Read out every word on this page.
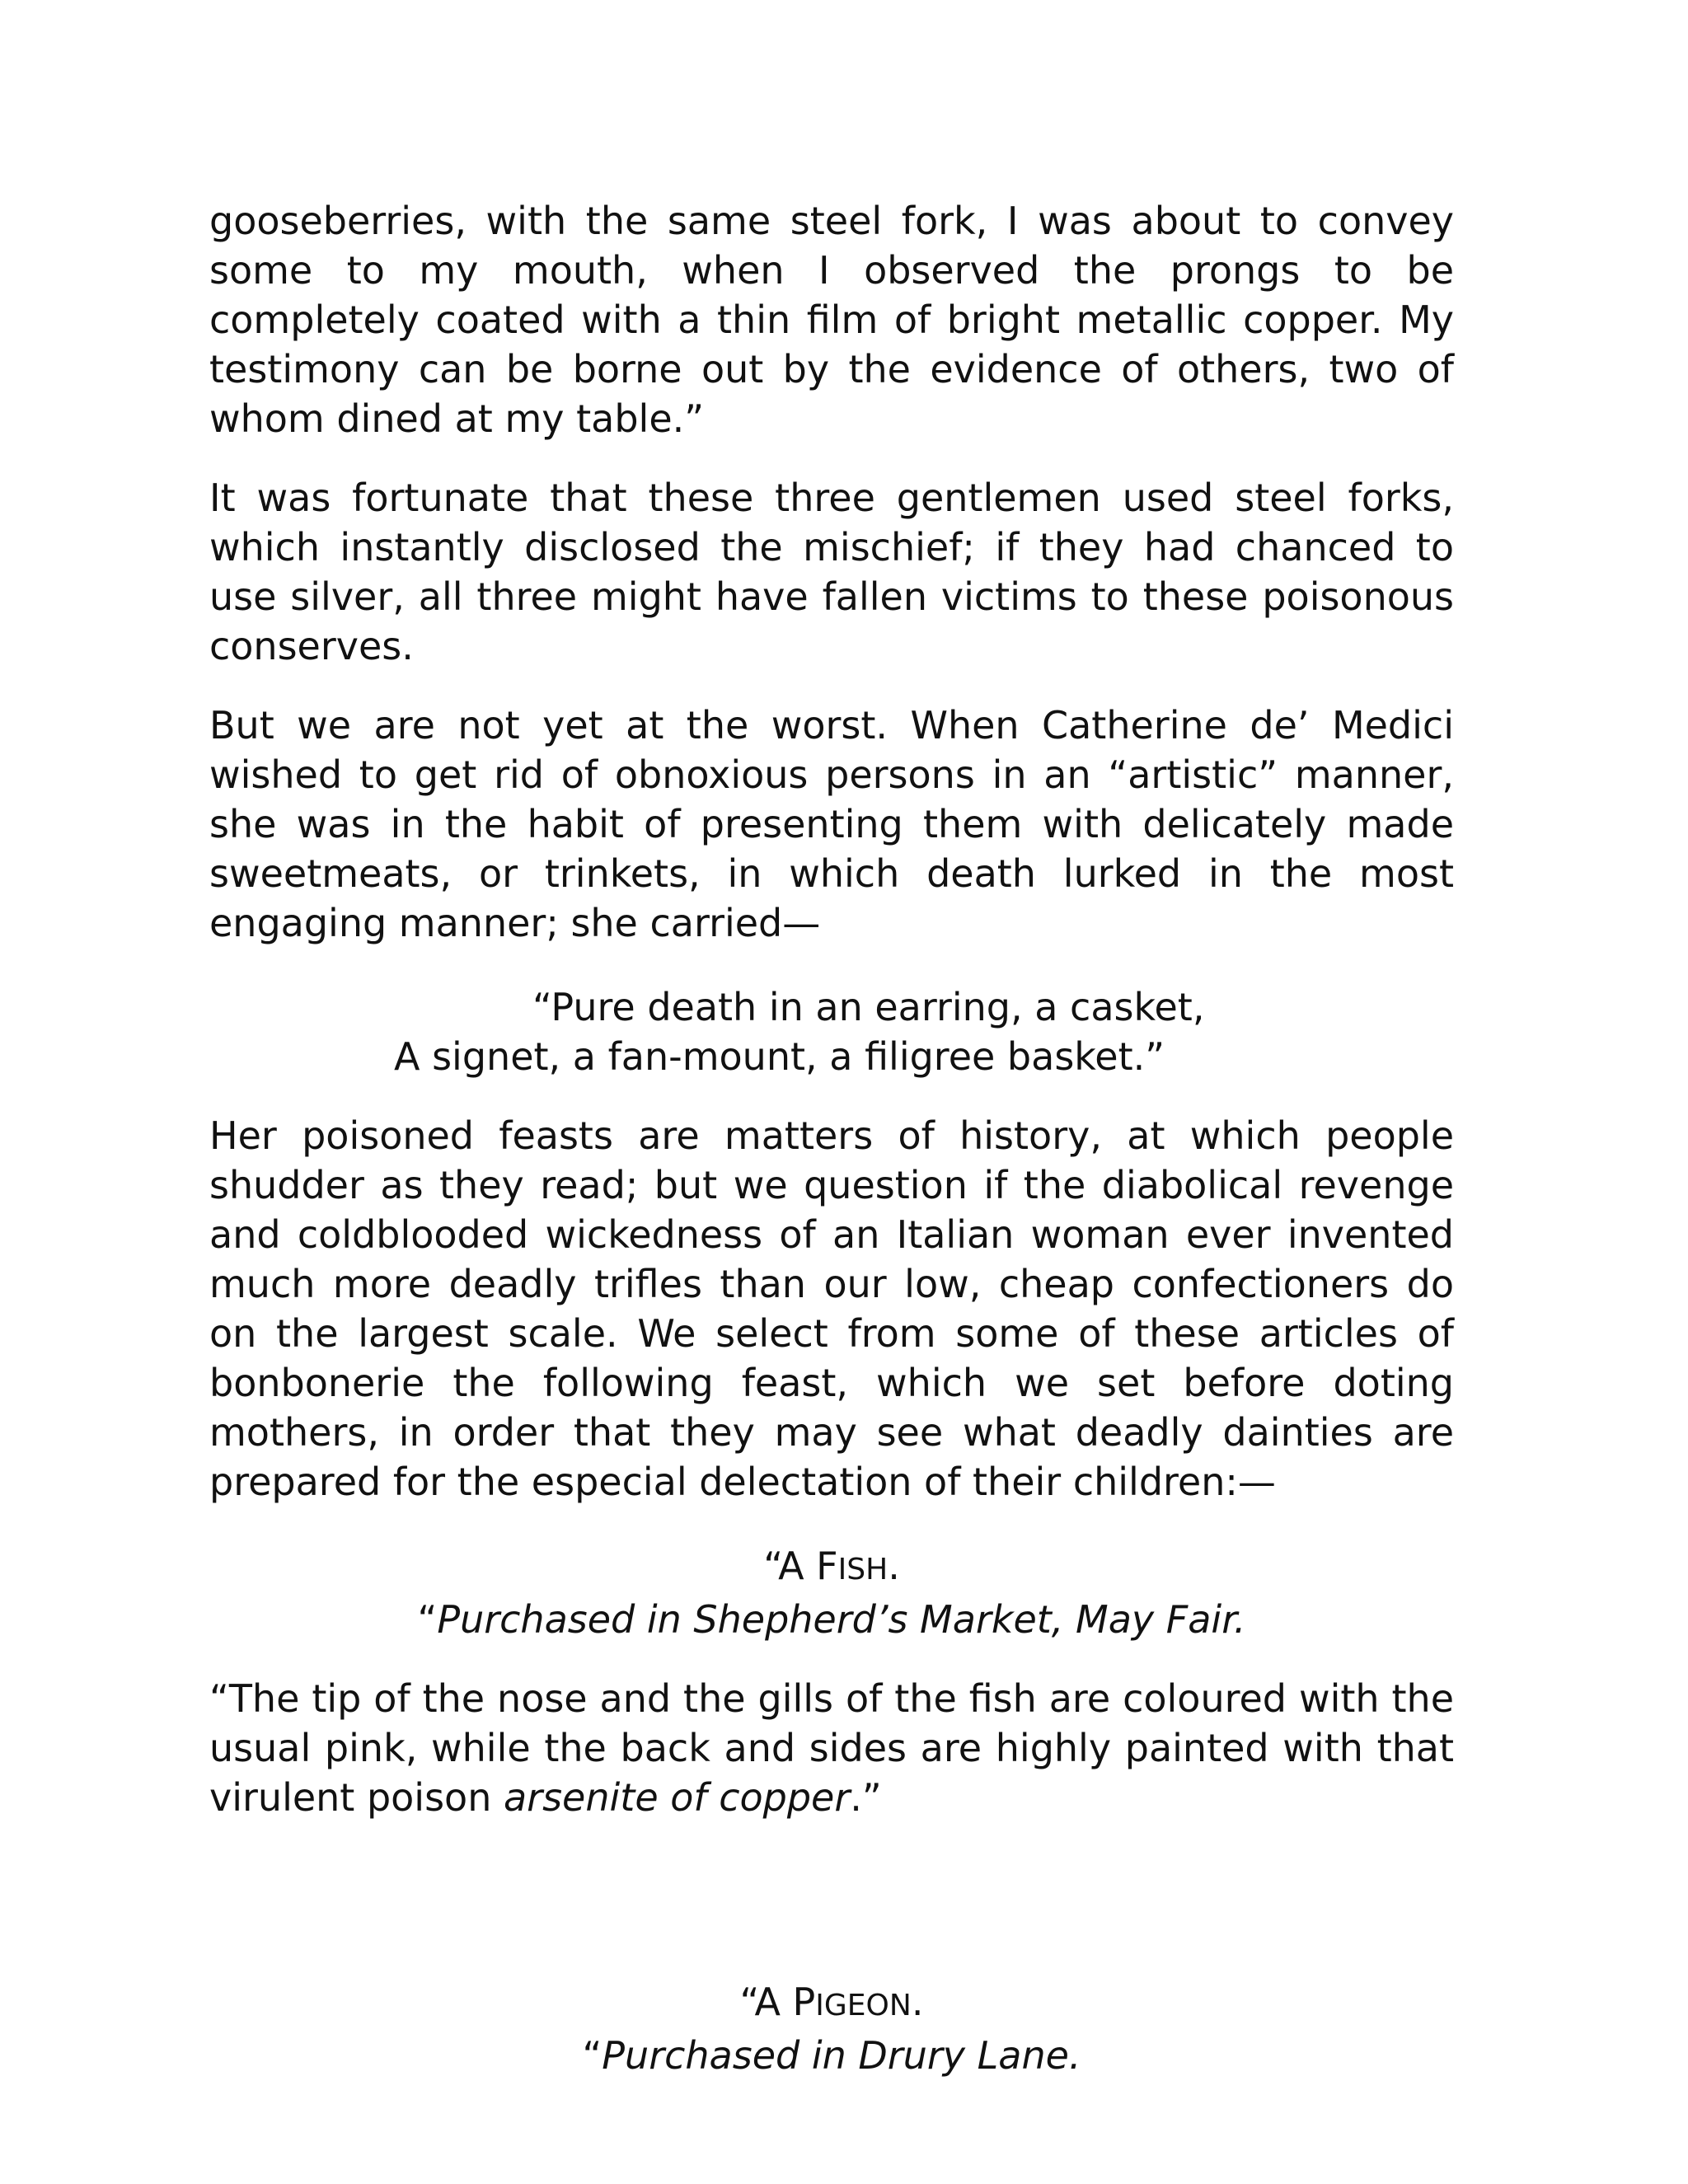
gooseberries, with the same steel fork, I was about to convey some to my mouth, when I observed the prongs to be completely coated with a thin film of bright metallic copper. My testimony can be borne out by the evidence of others, two of whom dined at my table.”

It was fortunate that these three gentlemen used steel forks, which instantly disclosed the mischief; if they had chanced to use silver, all three might have fallen victims to these poisonous conserves.

But we are not yet at the worst. When Catherine de’ Medici wished to get rid of obnoxious persons in an “artistic” manner, she was in the habit of presenting them with delicately made sweetmeats, or trinkets, in which death lurked in the most engaging manner; she carried—

“Pure death in an earring, a casket,
A signet, a fan-mount, a filigree basket.”

Her poisoned feasts are matters of history, at which people shudder as they read; but we question if the diabolical revenge and coldblooded wickedness of an Italian woman ever invented much more deadly trifles than our low, cheap confectioners do on the largest scale. We select from some of these articles of bonbonerie the following feast, which we set before doting mothers, in order that they may see what deadly dainties are prepared for the especial delectation of their children:—

“A FISH.
“Purchased in Shepherd’s Market, May Fair.

“The tip of the nose and the gills of the fish are coloured with the usual pink, while the back and sides are highly painted with that virulent poison arsenite of copper.”

“A PIGEON.
“Purchased in Drury Lane.
